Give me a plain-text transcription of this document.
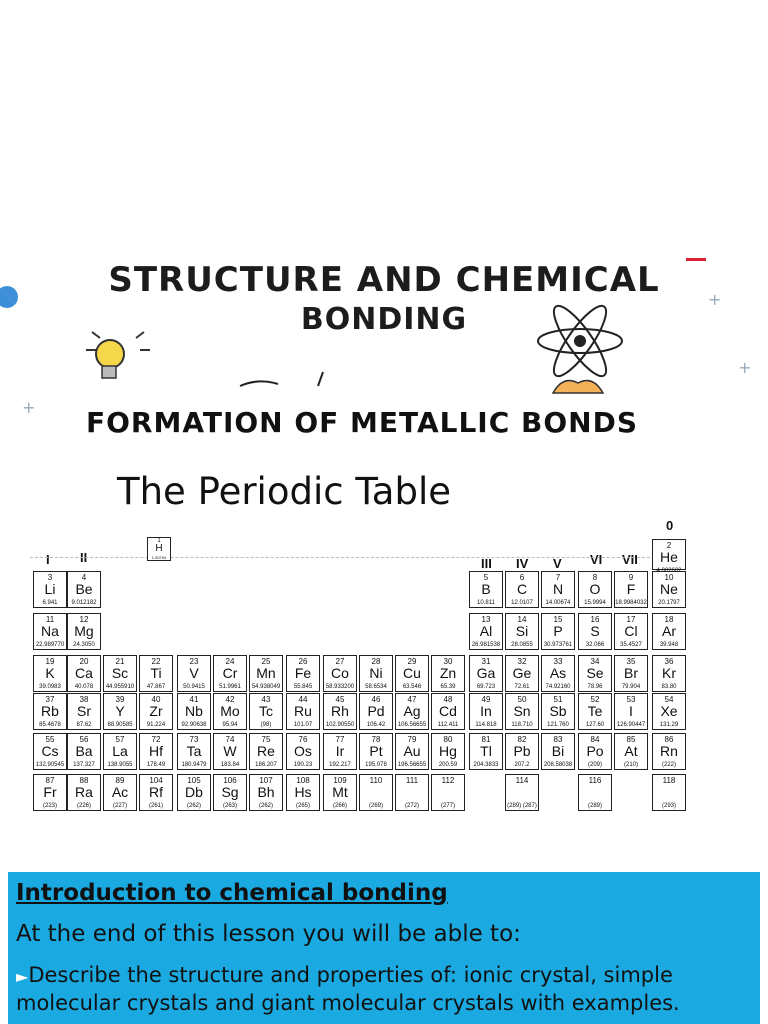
+
+
+
STRUCTURE AND CHEMICAL
BONDING
FORMATION OF METALLIC BONDS
The Periodic Table
I II	III IV V VI VII
0
1
H
1.00794
2
He
3
Li
6.941
4
Be
9.012182
5
B
10.811
6
C
12.0107
7
N
14.00674
8
O
15.9994
9
F
18.9984032
10
Ne
20.1797
11
Na
22.989770
12
Mg
24.3050
13
Al
26.981538
14
Si
28.0855
15
P
30.973761
16
S
32.066
17
Cl
35.4527
18
Ar
39.948
19
K
39.0983
20
Ca
40.078
21
Sc
44.955910
22
Ti
47.867
23
V
50.9415
24
Cr
51.9961
25
Mn
54.938049
26
Fe
55.845
27
Co
58.933200
28
Ni
58.6534
29
Cu
63.546
30
Zn
65.39
31
Ga
69.723
32
Ge
72.61
33
As
74.92160
34
Se
78.96
35
Br
79.904
36
Kr
83.80
37
Rb
85.4678
38
Sr
87.62
39
Y
88.90585
40
Zr
91.224
41
Nb
92.90638
42
Mo
95.94
43
Tc
(98)
44
Ru
101.07
45
Rh
102.90550
46
Pd
106.42
47
Ag
106.56655
48
Cd
112.411
49
In
114.818
50
Sn
118.710
51
Sb
121.760
52
Te
127.60
53
I
126.90447
54
Xe
131.29
55
Cs
132.90545
56
Ba
137.327
57
La
138.9055
72
Hf
178.49
73
Ta
180.9479
74
W
183.84
75
Re
186.207
76
Os
190.23
77
Ir
192.217
78
Pt
195.078
79
Au
196.56655
80
Hg
200.59
81
Tl
204.3833
82
Pb
207.2
83
Bi
208.58038
84
Po
(209)
85
At
(210)
86
Rn
(222)
87
Fr
(223)
88
Ra
(226)
89
Ac
(227)
104
Rf
(261)
105
Db
(262)
106
Sg
(263)
107
Bh
(262)
108
Hs
(265)
109
Mt
(266)
110
(269)
111
(272)
112
(277)
114
(289) (287)
116
(289)
118
(293)
Introduction to chemical bonding
At the end of this lesson you will be able to:
►Describe the structure and properties of: ionic crystal, simple molecular crystals and giant molecular crystals with examples.
